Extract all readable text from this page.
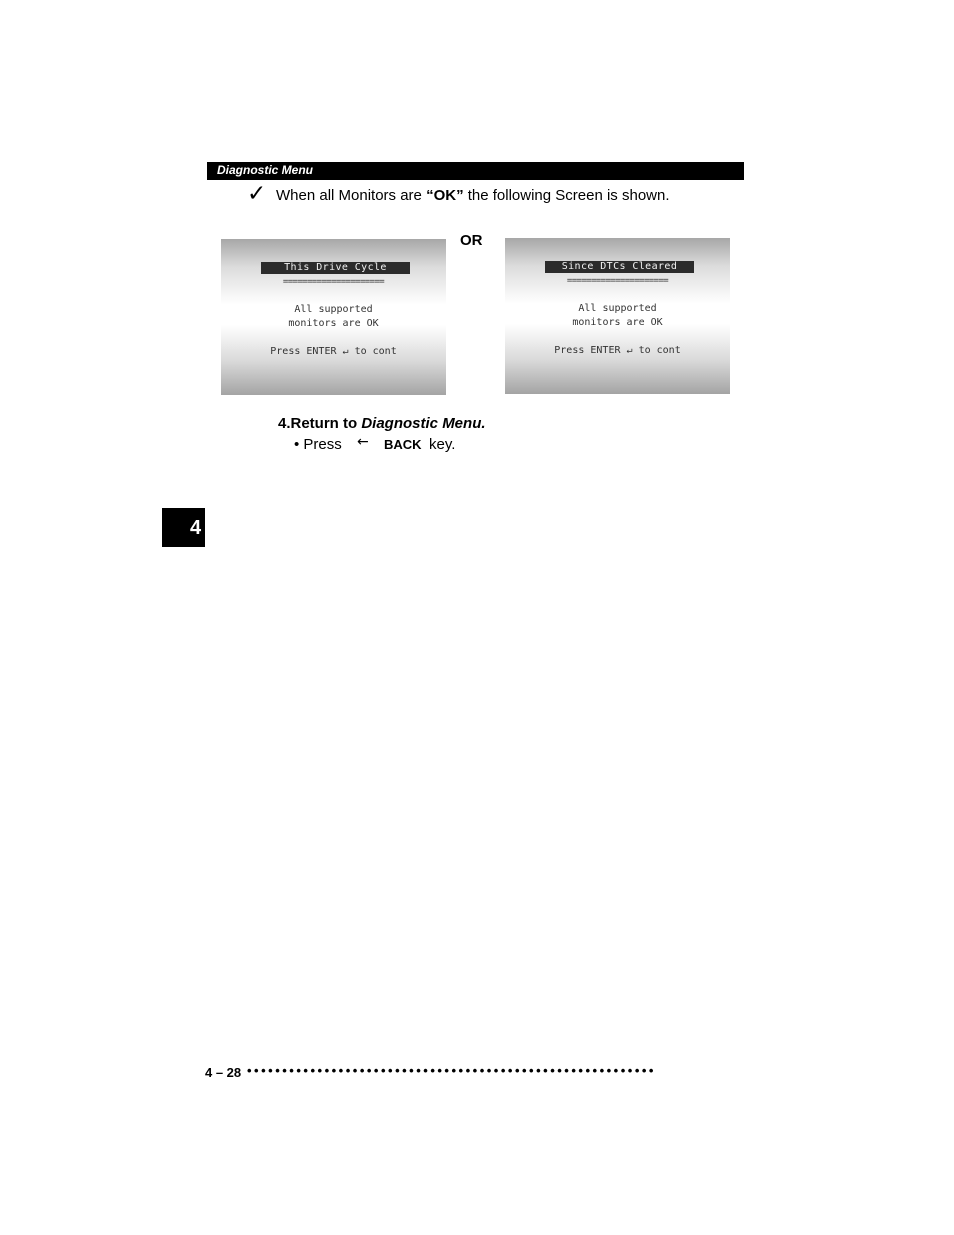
Diagnostic Menu
✓ When all Monitors are “OK” the following Screen is shown.
OR
This Drive Cycle
=====================
All supported
monitors are OK
Press ENTER ↵ to cont
Since DTCs Cleared
=====================
All supported
monitors are OK
Press ENTER ↵ to cont
4.Return to Diagnostic Menu.
• Press ← BACK key.
4
4 – 28 ••••••••••••••••••••••••••••••••••••••••••••••••••••••••••
